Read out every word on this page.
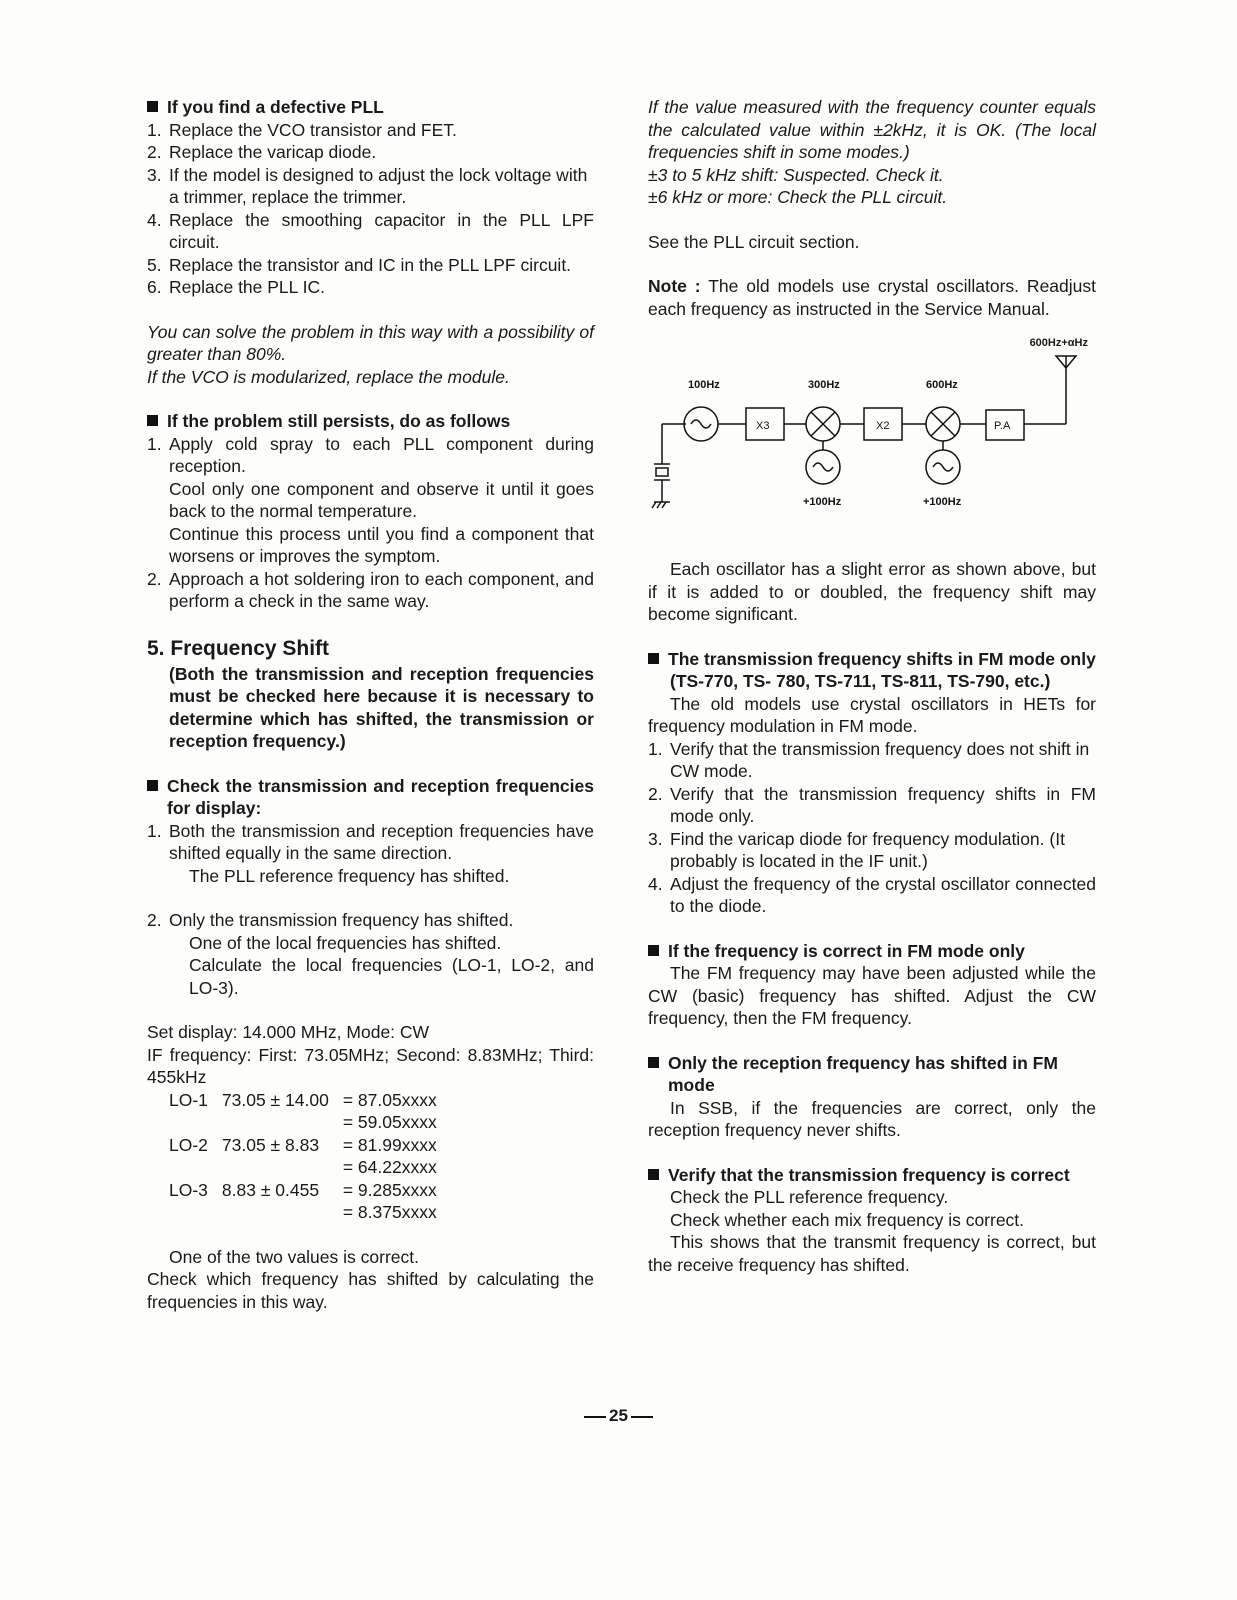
If you find a defective PLL
1. Replace the VCO transistor and FET.
2. Replace the varicap diode.
3. If the model is designed to adjust the lock voltage with a trimmer, replace the trimmer.
4. Replace the smoothing capacitor in the PLL LPF circuit.
5. Replace the transistor and IC in the PLL LPF circuit.
6. Replace the PLL IC.

You can solve the problem in this way with a possibility of greater than 80%.

If the VCO is modularized, replace the module.

If the problem still persists, do as follows
1. Apply cold spray to each PLL component during reception.
Cool only one component and observe it until it goes back to the normal temperature.
Continue this process until you find a component that worsens or improves the symptom.
2. Approach a hot soldering iron to each component, and perform a check in the same way.
5. Frequency Shift

(Both the transmission and reception frequencies must be checked here because it is necessary to determine which has shifted, the transmission or reception frequency.)

Check the transmission and reception frequencies for display:
1. Both the transmission and reception frequencies have shifted equally in the same direction.
The PLL reference frequency has shifted.
2. Only the transmission frequency has shifted.
One of the local frequencies has shifted.
Calculate the local frequencies (LO-1, LO-2, and LO-3).

Set display: 14.000 MHz, Mode: CW

IF frequency: First: 73.05MHz; Second: 8.83MHz; Third: 455kHz

LO-1	73.05 ± 14.00	= 87.05xxxx
		= 59.05xxxx
LO-2	73.05 ± 8.83	= 81.99xxxx
		= 64.22xxxx
LO-3	8.83 ± 0.455	= 9.285xxxx
		= 8.375xxxx

One of the two values is correct.

Check which frequency has shifted by calculating the frequencies in this way.

If the value measured with the frequency counter equals the calculated value within ±2kHz, it is OK. (The local frequencies shift in some modes.)

±3 to 5 kHz shift: Suspected. Check it.

±6 kHz or more: Check the PLL circuit.

See the PLL circuit section.

Note : The old models use crystal oscillators. Readjust each frequency as instructed in the Service Manual.

100Hz	300Hz	600Hz
X3	X2	P.A
+100Hz	+100Hz
600Hz+αHz

Each oscillator has a slight error as shown above, but if it is added to or doubled, the frequency shift may become significant.

The transmission frequency shifts in FM mode only

(TS-770, TS- 780, TS-711, TS-811, TS-790, etc.)

The old models use crystal oscillators in HETs for frequency modulation in FM mode.

1. Verify that the transmission frequency does not shift in CW mode.
2. Verify that the transmission frequency shifts in FM mode only.
3. Find the varicap diode for frequency modulation. (It probably is located in the IF unit.)
4. Adjust the frequency of the crystal oscillator connected to the diode.
If the frequency is correct in FM mode only

The FM frequency may have been adjusted while the CW (basic) frequency has shifted. Adjust the CW frequency, then the FM frequency.

Only the reception frequency has shifted in FM mode

In SSB, if the frequencies are correct, only the reception frequency never shifts.

Verify that the transmission frequency is correct

Check the PLL reference frequency.

Check whether each mix frequency is correct.

This shows that the transmit frequency is correct, but the receive frequency has shifted.

25
